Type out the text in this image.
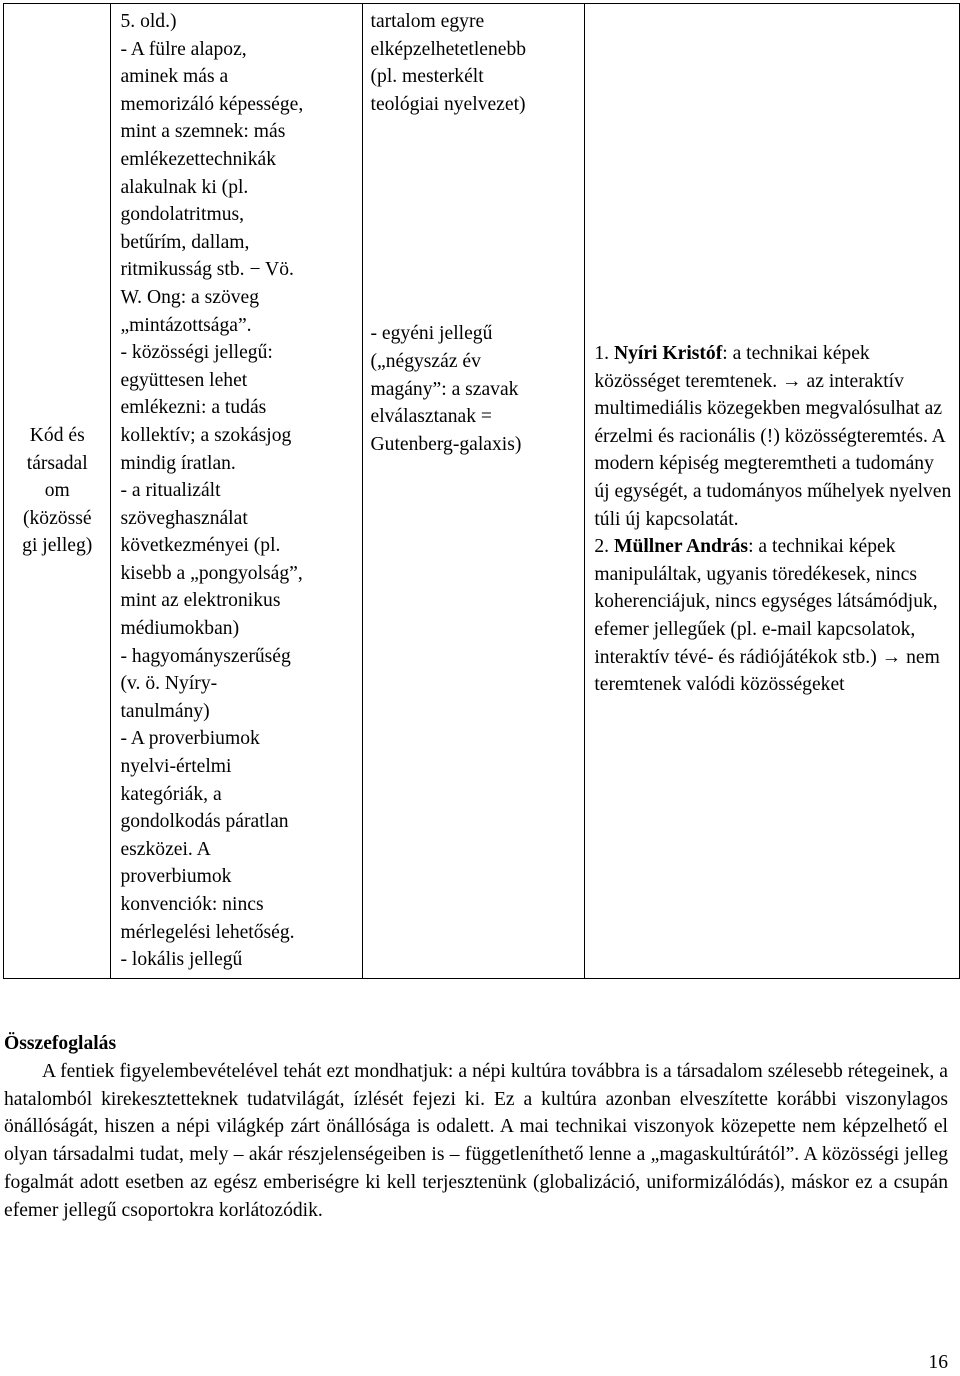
Kód és
társadal
om
(közössé
gi jelleg)

5. old.)
- A fülre alapoz,
aminek más a
memorizáló képessége,
mint a szemnek: más
emlékezettechnikák
alakulnak ki (pl.
gondolatritmus,
betűrím, dallam,
ritmikusság stb. − Vö.
W. Ong: a szöveg
„mintázottsága”.
- közösségi jellegű:
együttesen lehet
emlékezni: a tudás
kollektív; a szokásjog
mindig íratlan.
- a ritualizált
szöveghasználat
következményei (pl.
kisebb a „pongyolság”,
mint az elektronikus
médiumokban)
- hagyományszerűség
(v. ö. Nyíry-
tanulmány)
- A proverbiumok
nyelvi-értelmi
kategóriák, a
gondolkodás páratlan
eszközei. A
proverbiumok
konvenciók: nincs
mérlegelési lehetőség.
- lokális jellegű

tartalom egyre
elképzelhetetlenebb
(pl. mesterkélt
teológiai nyelvezet)
- egyéni jellegű
(„négyszáz év
magány”: a szavak
elválasztanak =
Gutenberg-galaxis)

1. Nyíri Kristóf: a technikai képek közösséget teremtenek. → az interaktív multimediális közegekben megvalósulhat az érzelmi és racionális (!) közösségteremtés. A modern képiség megteremtheti a tudomány új egységét, a tudományos műhelyek nyelven túli új kapcsolatát.
2. Müllner András: a technikai képek manipuláltak, ugyanis töredékesek, nincs koherenciájuk, nincs egységes látsámódjuk, efemer jellegűek (pl. e-mail kapcsolatok, interaktív tévé- és rádiójátékok stb.) → nem teremtenek valódi közösségeket
Összefoglalás

A fentiek figyelembevételével tehát ezt mondhatjuk: a népi kultúra továbbra is a társadalom szélesebb rétegeinek, a hatalomból kirekesztetteknek tudatvilágát, ízlését fejezi ki. Ez a kultúra azonban elveszítette korábbi viszonylagos önállóságát, hiszen a népi világkép zárt önállósága is odalett. A mai technikai viszonyok közepette nem képzelhető el olyan társadalmi tudat, mely – akár részjelenségeiben is – függetleníthető lenne a „magaskultúrától”. A közösségi jelleg fogalmát adott esetben az egész emberiségre ki kell terjesztenünk (globalizáció, uniformizálódás), máskor ez a csupán efemer jellegű csoportokra korlátozódik.

16
